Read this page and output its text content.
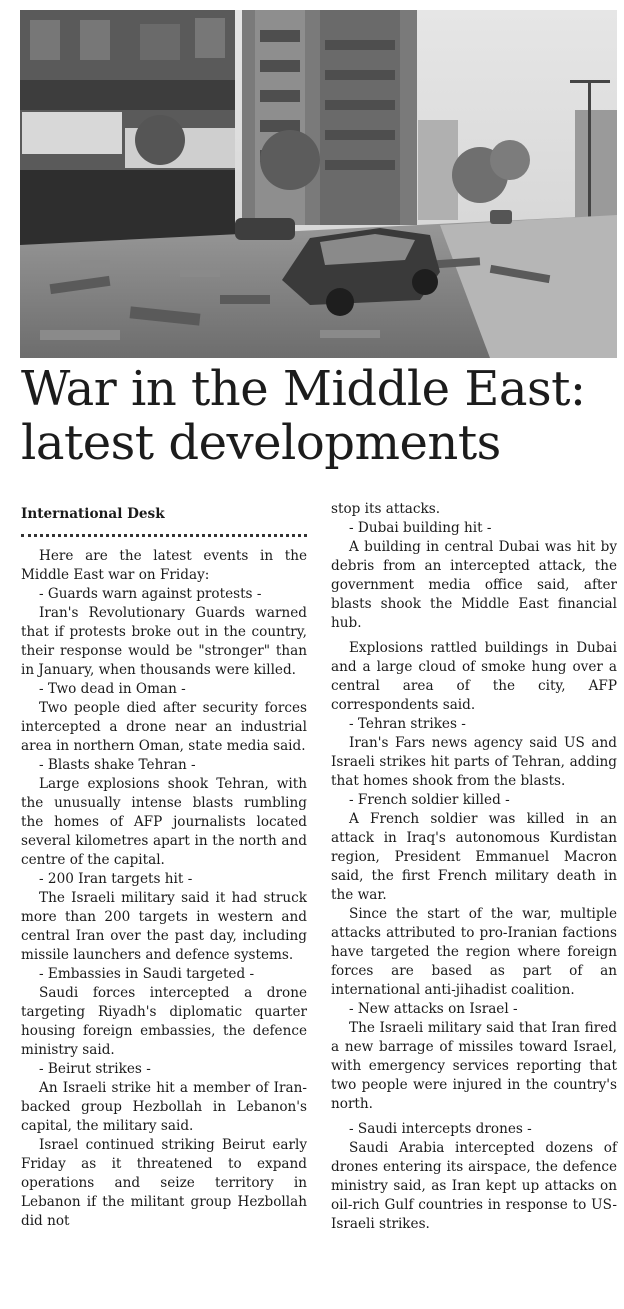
War in the Middle East:
latest developments

International Desk

Here are the latest events in the Middle East war on Friday:

- Guards warn against protests -

Iran's Revolutionary Guards warned that if protests broke out in the country, their response would be "stronger" than in January, when thousands were killed.

- Two dead in Oman -

Two people died after security forces intercepted a drone near an industrial area in northern Oman, state media said.

- Blasts shake Tehran -

Large explosions shook Tehran, with the unusually intense blasts rumbling the homes of AFP journalists located several kilometres apart in the north and centre of the capital.

- 200 Iran targets hit -

The Israeli military said it had struck more than 200 targets in western and central Iran over the past day, including missile launchers and defence systems.

- Embassies in Saudi targeted -

Saudi forces intercepted a drone targeting Riyadh's diplomatic quarter housing foreign embassies, the defence ministry said.

- Beirut strikes -

An Israeli strike hit a member of Iran-backed group Hezbollah in Lebanon's capital, the military said.

Israel continued striking Beirut early Friday as it threatened to expand operations and seize territory in Lebanon if the militant group Hezbollah did not

stop its attacks.

- Dubai building hit -

A building in central Dubai was hit by debris from an intercepted attack, the government media office said, after blasts shook the Middle East financial hub.

Explosions rattled buildings in Dubai and a large cloud of smoke hung over a central area of the city, AFP correspondents said.

- Tehran strikes -

Iran's Fars news agency said US and Israeli strikes hit parts of Tehran, adding that homes shook from the blasts.

- French soldier killed -

A French soldier was killed in an attack in Iraq's autonomous Kurdistan region, President Emmanuel Macron said, the first French military death in the war.

Since the start of the war, multiple attacks attributed to pro-Iranian factions have targeted the region where foreign forces are based as part of an international anti-jihadist coalition.

- New attacks on Israel -

The Israeli military said that Iran fired a new barrage of missiles toward Israel, with emergency services reporting that two people were injured in the country's north.

- Saudi intercepts drones -

Saudi Arabia intercepted dozens of drones entering its airspace, the defence ministry said, as Iran kept up attacks on oil-rich Gulf countries in response to US-Israeli strikes.
